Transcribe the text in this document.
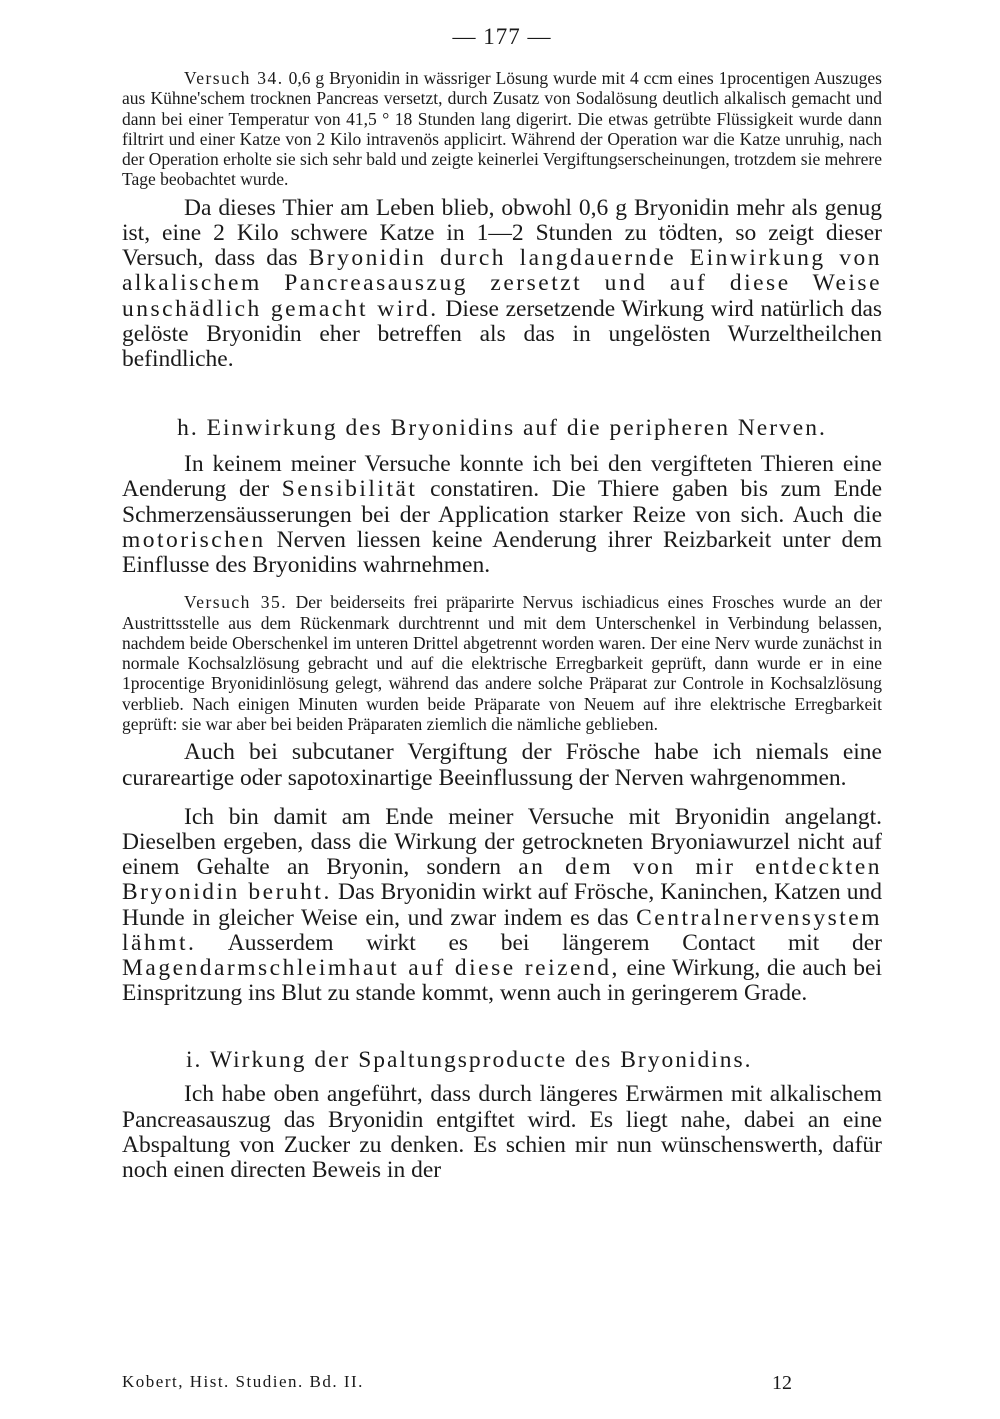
— 177 —

Versuch 34. 0,6 g Bryonidin in wässriger Lösung wurde mit 4 ccm eines 1procentigen Auszuges aus Kühne'schem trocknen Pancreas versetzt, durch Zusatz von Sodalösung deutlich alkalisch gemacht und dann bei einer Temperatur von 41,5 ° 18 Stunden lang digerirt. Die etwas getrübte Flüssigkeit wurde dann filtrirt und einer Katze von 2 Kilo intravenös applicirt. Während der Operation war die Katze unruhig, nach der Operation erholte sie sich sehr bald und zeigte keinerlei Vergiftungserscheinungen, trotzdem sie mehrere Tage beobachtet wurde.

Da dieses Thier am Leben blieb, obwohl 0,6 g Bryonidin mehr als genug ist, eine 2 Kilo schwere Katze in 1—2 Stunden zu tödten, so zeigt dieser Versuch, dass das Bryonidin durch langdauernde Einwirkung von alkalischem Pancreasauszug zersetzt und auf diese Weise unschädlich gemacht wird. Diese zersetzende Wirkung wird natürlich das gelöste Bryonidin eher betreffen als das in ungelösten Wurzeltheilchen befindliche.

h. Einwirkung des Bryonidins auf die peripheren Nerven.

In keinem meiner Versuche konnte ich bei den vergifteten Thieren eine Aenderung der Sensibilität constatiren. Die Thiere gaben bis zum Ende Schmerzensäusserungen bei der Application starker Reize von sich. Auch die motorischen Nerven liessen keine Aenderung ihrer Reizbarkeit unter dem Einflusse des Bryonidins wahrnehmen.

Versuch 35. Der beiderseits frei präparirte Nervus ischiadicus eines Frosches wurde an der Austrittsstelle aus dem Rückenmark durchtrennt und mit dem Unterschenkel in Verbindung belassen, nachdem beide Oberschenkel im unteren Drittel abgetrennt worden waren. Der eine Nerv wurde zunächst in normale Kochsalzlösung gebracht und auf die elektrische Erregbarkeit geprüft, dann wurde er in eine 1procentige Bryonidinlösung gelegt, während das andere solche Präparat zur Controle in Kochsalzlösung verblieb. Nach einigen Minuten wurden beide Präparate von Neuem auf ihre elektrische Erregbarkeit geprüft: sie war aber bei beiden Präparaten ziemlich die nämliche geblieben.

Auch bei subcutaner Vergiftung der Frösche habe ich niemals eine curareartige oder sapotoxinartige Beeinflussung der Nerven wahrgenommen.

Ich bin damit am Ende meiner Versuche mit Bryonidin angelangt. Dieselben ergeben, dass die Wirkung der getrockneten Bryoniawurzel nicht auf einem Gehalte an Bryonin, sondern an dem von mir entdeckten Bryonidin beruht. Das Bryonidin wirkt auf Frösche, Kaninchen, Katzen und Hunde in gleicher Weise ein, und zwar indem es das Centralnervensystem lähmt. Ausserdem wirkt es bei längerem Contact mit der Magendarmschleimhaut auf diese reizend, eine Wirkung, die auch bei Einspritzung ins Blut zu stande kommt, wenn auch in geringerem Grade.

i. Wirkung der Spaltungsproducte des Bryonidins.

Ich habe oben angeführt, dass durch längeres Erwärmen mit alkalischem Pancreasauszug das Bryonidin entgiftet wird. Es liegt nahe, dabei an eine Abspaltung von Zucker zu denken. Es schien mir nun wünschenswerth, dafür noch einen directen Beweis in der

Kobert, Hist. Studien. Bd. II.	12
